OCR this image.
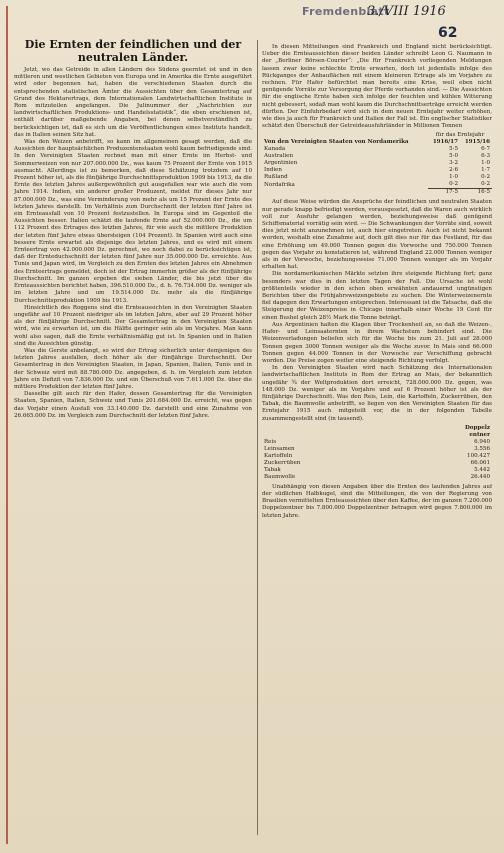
Fremdenblatt
3./VIII 1916
62
Die Ernten der feindlichen und der neutralen Länder.

Jetzt, wo das Getreide in allen Ländern des Südens geerntet ist und in den mittleren und westlichen Gebieten von Europa und in Amerika die Ernte ausgeführt wird oder begonnen hat, haben die verschiedenen Staaten durch die entsprechenden statistischen Ämter die Aussichten über den Gesamtertrag auf Grund des Hektarertrags, dem Internationalen Landwirtschaftlichen Institute in Rom mitzuteilen angefangen. Die Julinummer der „Nachrichten zur landwirtschaftlichen Produktions- und Handelsstatistik“, die eben erschienen ist, enthält darüber maßgebende Angaben, bei denen selbstverständlich zu berücksichtigen ist, daß es sich um die Veröffentlichungen eines Instituts handelt, das in Italien seinen Sitz hat.

Was den Weizen anbetrifft, so kann im allgemeinen gesagt werden, daß die Aussichten der hauptsächlichen Produzentenstaaten wohl kaum befriedigende sind. In den Vereinigten Staaten rechnet man mit einer Ernte im Herbst- und Sommerweizen von nur 207.000.000 Dz., was kaum 75 Prozent der Ernte von 1915 ausmacht. Allerdings ist zu bemerken, daß diese Schätzung trotzdem auf 10 Prozent höher ist, als die fünfjährige Durchschnittsproduktion 1909 bis 1913, da die Ernte des letzten Jahres außergewöhnlich gut ausgefallen war wie auch die vom Jahre 1914. Indien, ein anderer großer Produzent, meldet für dieses Jahr nur 87.000.000 Dz., was eine Verminderung von mehr als um 15 Prozent der Ernte des letzten Jahres darstellt. Im Verhältnis zum Durchschnitt der letzten fünf Jahre ist ein Ernteausfall von 10 Prozent festzustellen. In Europa sind im Gegenteil die Aussichten besser. Italien schätzt die laufende Ernte auf 52.000.000 Dz., die um 112 Prozent des Ertrages des letzten Jahres, für wie auch die mittlere Produktion der letzten fünf Jahre etwas übersteigen (104 Prozent). In Spanien wird auch eine bessere Ernte erwartet als diejenige des letzten Jahres, und es wird mit einem Ernteertrag von 42.000.000 Dz. gerechnet, wo noch dabei zu berücksichtigen ist, daß der Ernteduchschnitt der letzten fünf Jahre nur 35.000.000 Dz. erreichte. Aus Tunis und Japan wird, im Vergleich zu den Ernten des letzten Jahres ein Abnehmen des Ernteertrags gemeldet, doch ist der Ertrag immerhin größer als der fünfjährige Durchschnitt. Im ganzen ergeben die sieben Länder, die bis jetzt über die Ernteaussichten berichtet haben, 396.510.000 Dz., d. h. 76.734.000 Dz. weniger als im letzten Jahre und um 19.514.000 Dz. mehr als die fünfjährige Durchschnittsproduktion 1909 bis 1913.

Hinsichtlich des Roggens sind die Ernteaussichten in den Vereinigten Staaten ungefähr auf 10 Prozent niedriger als im letzten Jahre, aber auf 29 Prozent höher als der fünfjährige Durchschnitt. Der Gesamtertrag in den Vereinigten Staaten wird, wie zu erwarten ist, um die Hälfte geringer sein als im Vorjahre. Man kann wohl also sagen, daß die Ernte verhältnismäßig gut ist. In Spanien und in Italien sind die Aussichten günstig.

Was die Gerste anbelangt, so wird der Ertrag sicherlich unter demjenigen des letzten Jahres ausfallen, doch höher als der fünfjährige Durchschnitt. Der Gesamtertrag in den Vereinigten Staaten, in Japan, Spanien, Italien, Tunis und in der Schweiz wird mit 88.780.000 Dz. angegeben, d. h. im Vergleich zum letzten Jahre ein Defizit von 7.836.000 Dz. und ein Überschuß von 7.611.000 Dz. über die mittlere Produktion der letzten fünf Jahre.

Dasselbe gilt auch für den Hafer, dessen Gesamtertrag für die Vereinigten Staaten, Spanien, Italien, Schweiz und Tunis 201.684.000 Dz. erreicht, was gegen das Vorjahr einen Ausfall von 33.140.000 Dz. darstellt und eine Zunahme von 26.665.000 Dz. im Vergleich zum Durchschnitt der letzten fünf Jahre.

In diesen Mitteilungen sind Frankreich und England nicht berücksichtigt. Ueber die Ernteaussichten dieser beiden Länder schreibt Leon G. Naumann in der „Berliner Börsen-Courier“: „Die für Frankreich vorliegenden Meldungen lassen zwar keine schlechte Ernte erwarten, doch ist jedenfalls infolge des Rückganges der Anbauflächen mit einem kleineren Ertrage als im Vorjahre zu rechnen. Für Hafer befürchtet man bereits eine Krise, weil eben nicht genügende Vorräte zur Versorgung der Pferde vorhanden sind. — Die Aussichten für die englische Ernte haben sich infolge der feuchten und kühlen Witterung nicht gebessert, sodaß man wohl kaum die Durchschnittserträge erreicht werden dürften. Der Einfuhrbedarf wird sich in dem neuen Erntejahr weiter erhöhen, wie dies ja auch für Frankreich und Italien der Fall ist. Ein englischer Statistiker schätzt den Überschuß der Getreideausfuhrländer in Millionen Tonnen

	für das Erntejahr	
Von den Vereinigten Staaten von Nordamerika	1916/17	1915/16
Kanada	5·5	6·7
Australien	5·0	6·3
Argentinien	3·2	1·0
Indien	2·6	1·7
Rußland	1·0	0·2
Nordafrika	0·2	0·2
	17·5	16·5

Auf diese Weise würden die Ansprüche der feindlichen und neutralen Staaten nur gerade knapp befriedigt werden, vorausgesetzt, daß die Waren auch wirklich voll zur Ausfuhr gelangen werden, beziehungsweise daß genügend Schiffsmaterial vorrätig sein wird. — Die Schwankungen der Vorräte sind, soweit dies jetzt nicht anzunehmen ist, auch hier eingetreten. Auch ist nicht bekannt worden, weshalb eine Zunahme auf, doch gilt dies nur für das Festland, für das eine Erhöhung um 49.000 Tonnen gegen die Vorwoche und 750.000 Tonnen gegen das Vorjahr zu konstatieren ist, während England 22.000 Tonnen weniger als in der Vorwoche, beziehungsweise 71.000 Tonnen weniger als im Vorjahr erhalten hat.

Die nordamerikanischen Märkte setzten ihre steigende Richtung fort; ganz besonders war dies in den letzten Tagen der Fall. Die Ursache ist wohl größtenteils wieder in den schon oben erwähnten andauernd ungünstigen Berichten über die Frühjahrsweizengebiete zu suchen. Die Winterweizenernte fiel dagegen den Erwartungen entsprechen. Interessant ist die Tatsache, daß die Steigerung der Weizenpreise in Chicago innerhalb einer Woche 19 Cent für einen Bushel gleich 28½ Mark die Tonne beträgt.

Aus Argentinien halten die Klagen über Trockenheit an, so daß die Weizen-, Hafer- und Leinsaaternten in ihrem Wachstum behindert sind. Die Weizenverladungen beliefen sich für die Woche bis zum 21. Juli auf 28.000 Tonnen gegen 3000 Tonnen weniger als die Woche zuvor. In Mais sind 66.000 Tonnen gegen 44.000 Tonnen in der Vorwoche zur Verschiffung gebracht worden. Die Preise zogen weiter eine steigende Richtung verfolgt.

In den Vereinigten Staaten wird nach Schätzung des Internationalen landwirtschaftlichen Instituts in Rom der Ertrag an Mais, der bekanntlich ungefähr ¾ der Weltproduktion dort erreicht, 728.000.000 Dz. gegen, was 148.000 Dz. weniger als im Vorjahre und auf 6 Prozent höher ist als der fünfjährige Durchschnitt. Was den Reis, Lein, die Kartoffeln, Zuckerrüben, den Tabak, die Baumwolle anbetrifft, so liegen von den Vereinigten Staaten für das Erntejahr 1915 auch mitgeteilt vor, die in der folgenden Tabelle zusammengestellt sind (in tausend).

	Doppelzentner
Reis	6.940
Leinsamen	3.556
Kartoffeln	100.427
Zuckerrüben	66.061
Tabak	5.442
Baumwolle	26.440

Unabhängig von diesen Angaben über die Ernten des laufenden Jahres auf der südlichen Halbkugel, sind die Mitteilungen, die von der Regierung von Brasilien vermittelten Ernteaussichten über den Kaffee, der im ganzen 7.200.000 Doppelzentner bis 7.800.000 Doppelzentner betragen wird gegen 7.800.000 im letzten Jahre.
